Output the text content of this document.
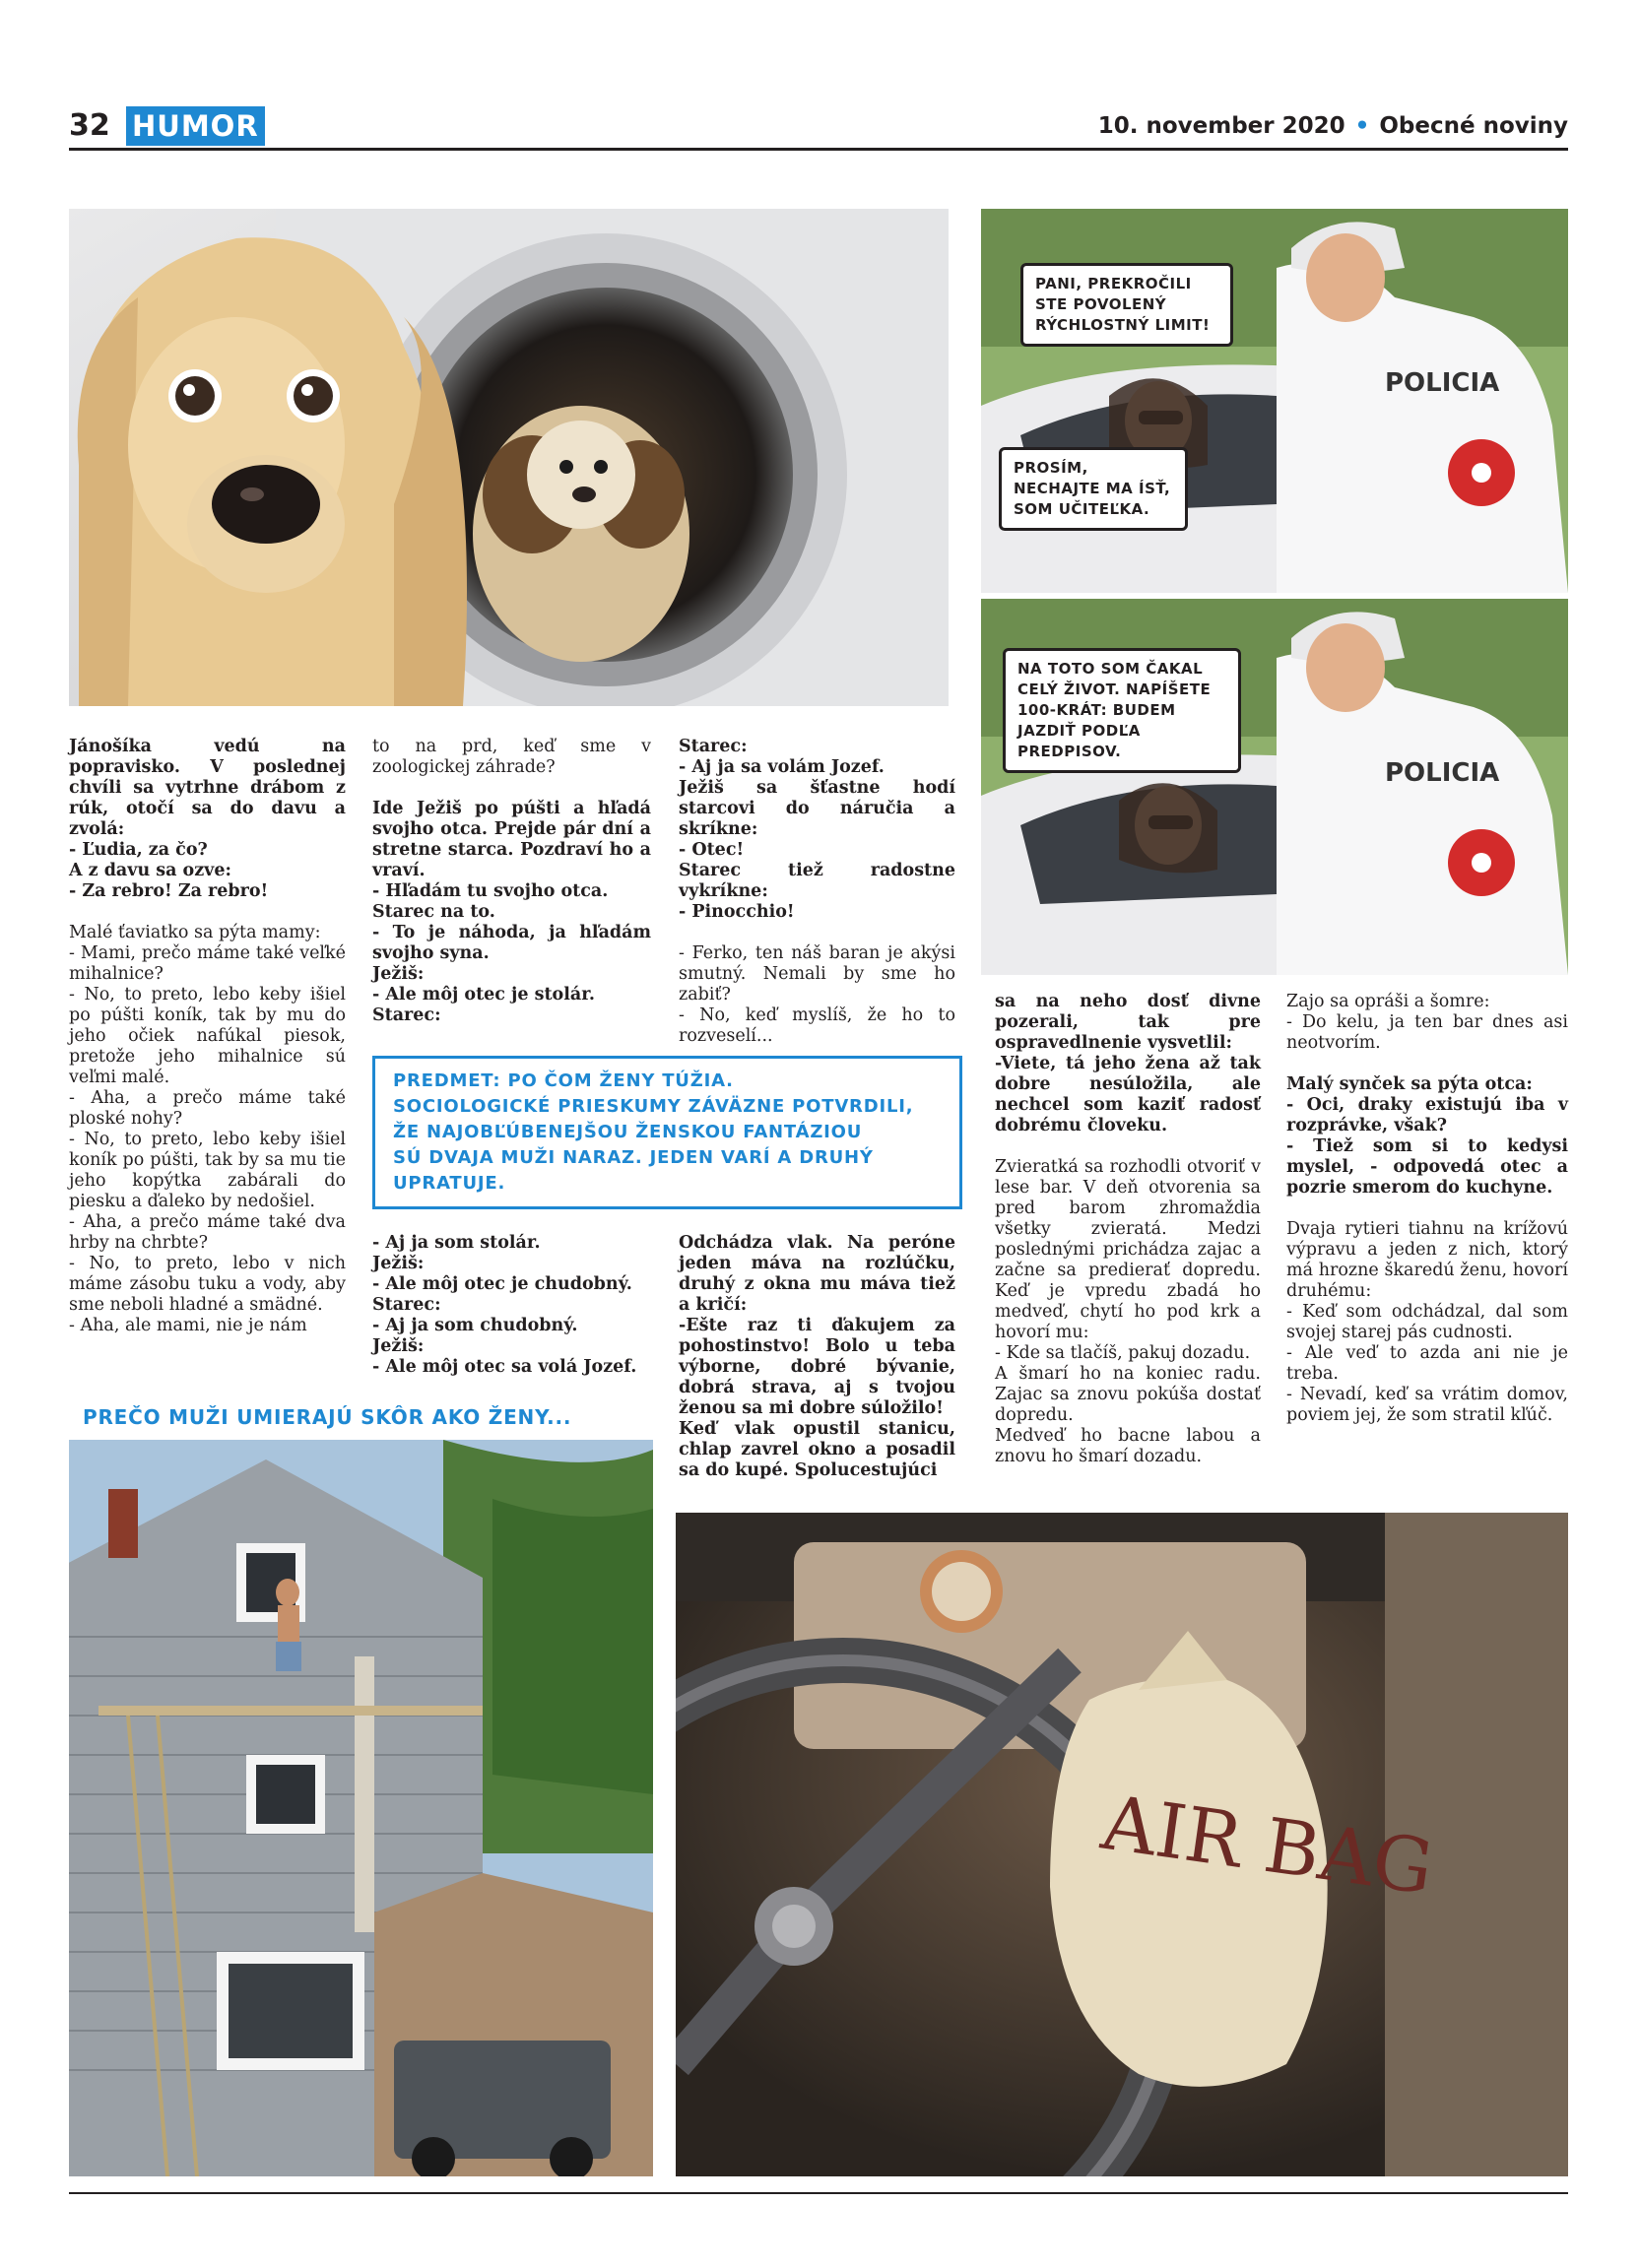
32 HUMOR	10. november 2020 • Obecné noviny
POLICIA
PANI, PREKROČILI STE POVOLENÝ RÝCHLOSTNÝ LIMIT!
PROSÍM, NECHAJTE MA ÍSŤ, SOM UČITEĽKA.
POLICIA
NA TOTO SOM ČAKAL CELÝ ŽIVOT. NAPÍŠETE 100-KRÁT: BUDEM JAZDIŤ PODĽA PREDPISOV.

Jánošíka vedú na popravisko. V poslednej chvíli sa vytrhne drábom z rúk, otočí sa do davu a zvolá:

- Ľudia, za čo?

A z davu sa ozve:

- Za rebro! Za rebro!

Malé ťaviatko sa pýta mamy:

- Mami, prečo máme také veľké mihalnice?

- No, to preto, lebo keby išiel po púšti koník, tak by mu do jeho očiek nafúkal piesok, pretože jeho mihalnice sú veľmi malé.

- Aha, a prečo máme také ploské nohy?

- No, to preto, lebo keby išiel koník po púšti, tak by sa mu tie jeho kopýtka zabárali do piesku a ďaleko by nedošiel.

- Aha, a prečo máme také dva hrby na chrbte?

- No, to preto, lebo v nich máme zásobu tuku a vody, aby sme neboli hladné a smädné.

- Aha, ale mami, nie je nám

to na prd, keď sme v zoologickej záhrade?

Ide Ježiš po púšti a hľadá svojho otca. Prejde pár dní a stretne starca. Pozdraví ho a vraví.

- Hľadám tu svojho otca.

Starec na to.

- To je náhoda, ja hľadám svojho syna.

Ježiš:

- Ale môj otec je stolár.

Starec:

Starec:

- Aj ja sa volám Jozef.

Ježiš sa šťastne hodí starcovi do náručia a skríkne:

- Otec!

Starec tiež radostne vykríkne:

- Pinocchio!

- Ferko, ten náš baran je akýsi smutný. Nemali by sme ho zabiť?

- No, keď myslíš, že ho to rozveselí...

PREDMET: PO ČOM ŽENY TÚŽIA.
SOCIOLOGICKÉ PRIESKUMY ZÁVÄZNE POTVRDILI,
ŽE NAJOBĽÚBENEJŠOU ŽENSKOU FANTÁZIOU
SÚ DVAJA MUŽI NARAZ. JEDEN VARÍ A DRUHÝ
UPRATUJE.

- Aj ja som stolár.

Ježiš:

- Ale môj otec je chudobný.

Starec:

- Aj ja som chudobný.

Ježiš:

- Ale môj otec sa volá Jozef.

Odchádza vlak. Na peróne jeden máva na rozlúčku, druhý z okna mu máva tiež a kričí:

-Ešte raz ti ďakujem za pohostinstvo! Bolo u teba výborne, dobré bývanie, dobrá strava, aj s tvojou ženou sa mi dobre súložilo!

Keď vlak opustil stanicu, chlap zavrel okno a posadil sa do kupé. Spolucestujúci

sa na neho dosť divne pozerali, tak pre ospravedlnenie vysvetlil:

-Viete, tá jeho žena až tak dobre nesúložila, ale nechcel som kaziť radosť dobrému človeku.

Zvieratká sa rozhodli otvoriť v lese bar. V deň otvorenia sa pred barom zhromaždia všetky zvieratá. Medzi poslednými prichádza zajac a začne sa predierať dopredu. Keď je vpredu zbadá ho medveď, chytí ho pod krk a hovorí mu:

- Kde sa tlačíš, pakuj dozadu.

A šmarí ho na koniec radu. Zajac sa znovu pokúša dostať dopredu.

Medveď ho bacne labou a znovu ho šmarí dozadu.

Zajo sa opráši a šomre:

- Do kelu, ja ten bar dnes asi neotvorím.

Malý synček sa pýta otca:

- Oci, draky existujú iba v rozprávke, však?

- Tiež som si to kedysi myslel, - odpovedá otec a pozrie smerom do kuchyne.

Dvaja rytieri tiahnu na krížovú výpravu a jeden z nich, ktorý má hrozne škaredú ženu, hovorí druhému:

- Keď som odchádzal, dal som svojej starej pás cudnosti.

- Ale veď to azda ani nie je treba.

- Nevadí, keď sa vrátim domov, poviem jej, že som stratil kľúč.

PREČO MUŽI UMIERAJÚ SKÔR AKO ŽENY...
AIR BAG
